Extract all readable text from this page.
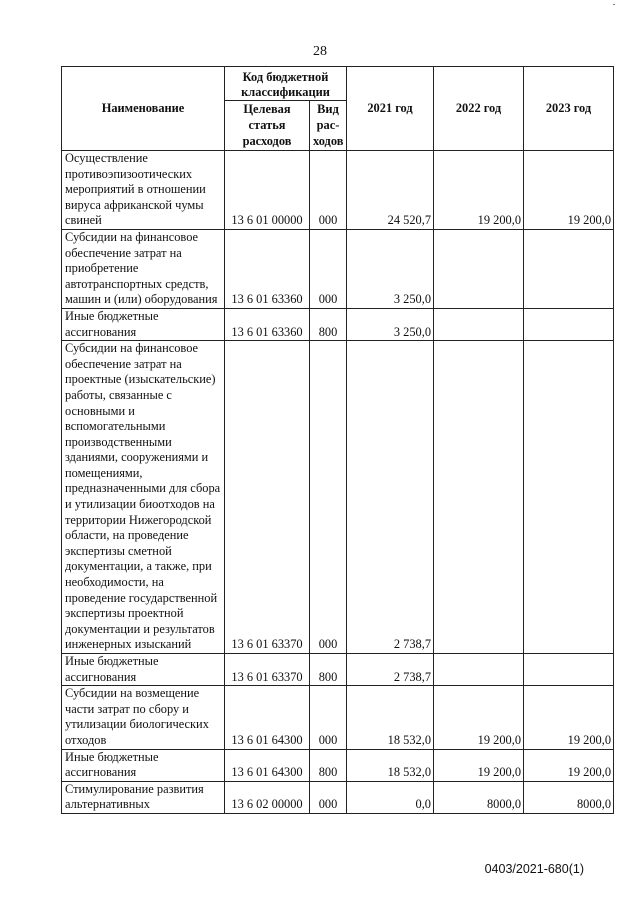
28
Наименование	Код бюджетной классификации		2021 год	2022 год	2023 год
	Целевая статья расходов	Вид рас-ходов			
Осуществление противоэпизоотических мероприятий в отношении вируса африканской чумы свиней	13 6 01 00000	000	24 520,7	19 200,0	19 200,0
Субсидии на финансовое обеспечение затрат на приобретение автотранспортных средств, машин и (или) оборудования	13 6 01 63360	000	3 250,0		
Иные бюджетные ассигнования	13 6 01 63360	800	3 250,0		
Субсидии на финансовое обеспечение затрат на проектные (изыскательские) работы, связанные с основными и вспомогательными производственными зданиями, сооружениями и помещениями, предназначенными для сбора и утилизации биоотходов на территории Нижегородской области, на проведение экспертизы сметной документации, а также, при необходимости, на проведение государственной экспертизы проектной документации и результатов инженерных изысканий	13 6 01 63370	000	2 738,7		
Иные бюджетные ассигнования	13 6 01 63370	800	2 738,7		
Субсидии на возмещение части затрат по сбору и утилизации биологических отходов	13 6 01 64300	000	18 532,0	19 200,0	19 200,0
Иные бюджетные ассигнования	13 6 01 64300	800	18 532,0	19 200,0	19 200,0
Стимулирование развития альтернативных	13 6 02 00000	000	0,0	8000,0	8000,0
0403/2021-680(1)
